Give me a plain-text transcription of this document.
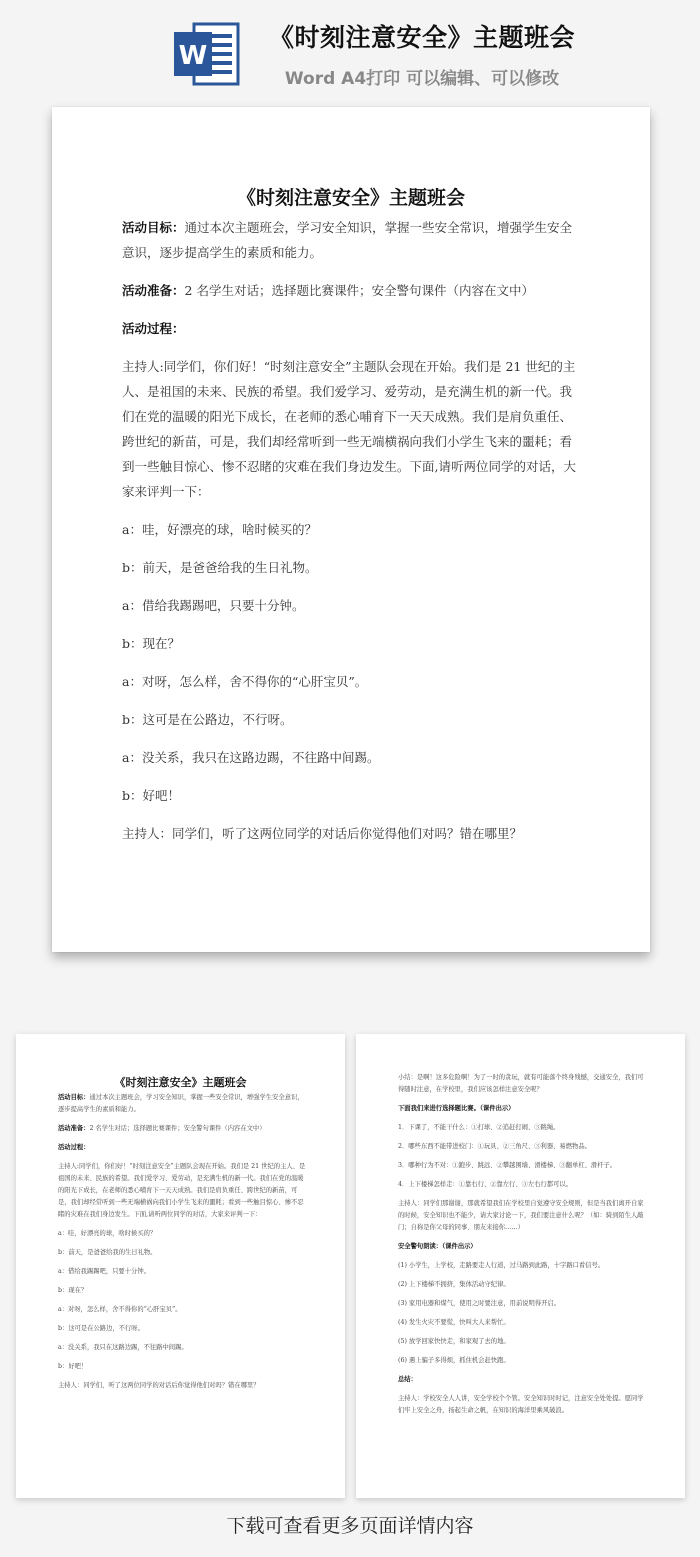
W
《时刻注意安全》主题班会
Word A4打印 可以编辑、可以修改
《时刻注意安全》主题班会

活动目标：通过本次主题班会，学习安全知识，掌握一些安全常识，增强学生安全意识，逐步提高学生的素质和能力。

活动准备：2 名学生对话；选择题比赛课件；安全警句课件（内容在文中）

活动过程：

主持人:同学们，你们好！“时刻注意安全”主题队会现在开始。我们是 21 世纪的主人、是祖国的未来、民族的希望。我们爱学习、爱劳动，是充满生机的新一代。我们在党的温暖的阳光下成长，在老师的悉心哺育下一天天成熟。我们是肩负重任、跨世纪的新苗，可是，我们却经常听到一些无端横祸向我们小学生飞来的噩耗；看到一些触目惊心、惨不忍睹的灾难在我们身边发生。下面,请听两位同学的对话，大家来评判一下：

a：哇，好漂亮的球，啥时候买的？

b：前天，是爸爸给我的生日礼物。

a：借给我踢踢吧，只要十分钟。

b：现在？

a：对呀，怎么样，舍不得你的“心肝宝贝”。

b：这可是在公路边，不行呀。

a：没关系，我只在这路边踢，不往路中间踢。

b：好吧！

主持人：同学们，听了这两位同学的对话后你觉得他们对吗？错在哪里？

《时刻注意安全》主题班会

活动目标：通过本次主题班会，学习安全知识，掌握一些安全常识，增强学生安全意识，逐步提高学生的素质和能力。

活动准备：2 名学生对话；选择题比赛课件；安全警句课件（内容在文中）

活动过程：

主持人:同学们，你们好！“时刻注意安全”主题队会现在开始。我们是 21 世纪的主人、是祖国的未来、民族的希望。我们爱学习、爱劳动，是充满生机的新一代。我们在党的温暖的阳光下成长，在老师的悉心哺育下一天天成熟。我们是肩负重任、跨世纪的新苗，可是，我们却经常听到一些无端横祸向我们小学生飞来的噩耗；看到一些触目惊心、惨不忍睹的灾难在我们身边发生。下面,请听两位同学的对话，大家来评判一下：

a：哇，好漂亮的球，啥时候买的？

b：前天，是爸爸给我的生日礼物。

a：借给我踢踢吧，只要十分钟。

b：现在？

a：对呀，怎么样，舍不得你的“心肝宝贝”。

b：这可是在公路边，不行呀。

a：没关系，我只在这路边踢，不往路中间踢。

b：好吧！

主持人：同学们，听了这两位同学的对话后你觉得他们对吗？错在哪里？

小结：是啊！这多危险啊！为了一时的贪玩，就有可能落个终身残憾，交通安全，我们可得随时注意，在学校里，我们应该怎样注意安全呢？

下面我们来进行选择题比赛。（课件出示）

1．下课了，不能干什么：①打球、②追赶打闹、③跳绳。

2．哪些东西不能带进校门：①玩具、②三角尺、③利器、易燃物品。

3．哪种行为不对：①跑步、跳远、②攀越围墙、滑楼梯、③翻单杠、滑杆子。

4．上下楼梯怎样走：①靠右行、②靠左行、③左右行都可以。

主持人：同学们那谢谢，那就希望我们在学校里自觉遵守安全规则，但是当我们离开自家的时候，安全知识也不能少，请大家讨论一下，我们要注意什么呢？（如：骑到陌生人敲门；自称是你父母的同事、朋友来接你……）

安全警句朗读：（课件出示）

(1) 小学生，上学校，走路要走人行道，过马路到此路，十字路口看信号。

(2) 上下楼梯不拥挤，集体活动守纪律。

(3) 家用电器和煤气，使用之时要注意，用前说明得开启。

(4) 发生火灾不要慌，快叫大人来帮忙。

(5) 放学回家快快走，和家观了去的地。

(6) 遇上骗子多得烦，抓住机会赶快跑。

总结：

主持人：学校安全人人讲，安全学校个个管。安全知识时时记，注意安全处处提。愿同学们牢上安全之舟，扬起生命之帆，在知识的海洋里乘风破浪。

下载可查看更多页面详情内容
